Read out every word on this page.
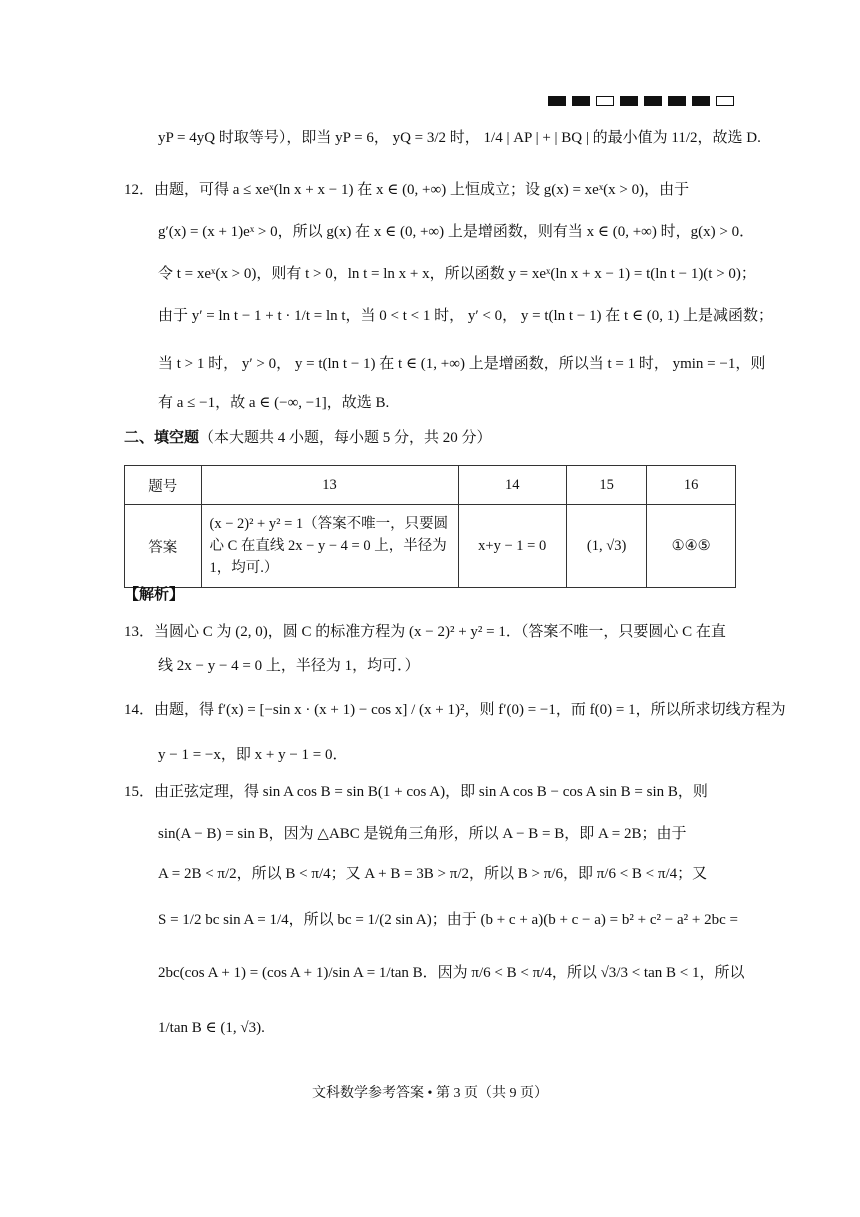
yP = 4yQ 时取等号），即当 yP = 6， yQ = 3/2 时， 1/4 | AP | + | BQ | 的最小值为 11/2，故选 D.
12．由题，可得 a ≤ xeˣ(ln x + x − 1) 在 x ∈ (0, +∞) 上恒成立；设 g(x) = xeˣ(x > 0)，由于
g′(x) = (x + 1)eˣ > 0，所以 g(x) 在 x ∈ (0, +∞) 上是增函数，则有当 x ∈ (0, +∞) 时，g(x) > 0．
令 t = xeˣ(x > 0)，则有 t > 0，ln t = ln x + x，所以函数 y = xeˣ(ln x + x − 1) = t(ln t − 1)(t > 0)；
由于 y′ = ln t − 1 + t · 1/t = ln t，当 0 < t < 1 时， y′ < 0， y = t(ln t − 1) 在 t ∈ (0, 1) 上是减函数；
当 t > 1 时， y′ > 0， y = t(ln t − 1) 在 t ∈ (1, +∞) 上是增函数，所以当 t = 1 时， ymin = −1，则
有 a ≤ −1，故 a ∈ (−∞, −1]，故选 B.
二、填空题（本大题共 4 小题，每小题 5 分，共 20 分）
题号	13	14	15	16
答案	(x − 2)² + y² = 1（答案不唯一，只要圆心 C 在直线 2x − y − 4 = 0 上，半径为 1，均可.）	x+y − 1 = 0	(1, √3)	①④⑤
【解析】
13．当圆心 C 为 (2, 0)，圆 C 的标准方程为 (x − 2)² + y² = 1．（答案不唯一，只要圆心 C 在直
线 2x − y − 4 = 0 上，半径为 1，均可．）
14．由题，得 f′(x) = [−sin x · (x + 1) − cos x] / (x + 1)²，则 f′(0) = −1，而 f(0) = 1，所以所求切线方程为
y − 1 = −x，即 x + y − 1 = 0．
15．由正弦定理，得 sin A cos B = sin B(1 + cos A)，即 sin A cos B − cos A sin B = sin B，则
sin(A − B) = sin B，因为 △ABC 是锐角三角形，所以 A − B = B，即 A = 2B；由于
A = 2B < π/2，所以 B < π/4；又 A + B = 3B > π/2，所以 B > π/6，即 π/6 < B < π/4；又
S = 1/2 bc sin A = 1/4，所以 bc = 1/(2 sin A)；由于 (b + c + a)(b + c − a) = b² + c² − a² + 2bc =
2bc(cos A + 1) = (cos A + 1)/sin A = 1/tan B．因为 π/6 < B < π/4，所以 √3/3 < tan B < 1，所以
1/tan B ∈ (1, √3).
文科数学参考答案 • 第 3 页（共 9 页）
